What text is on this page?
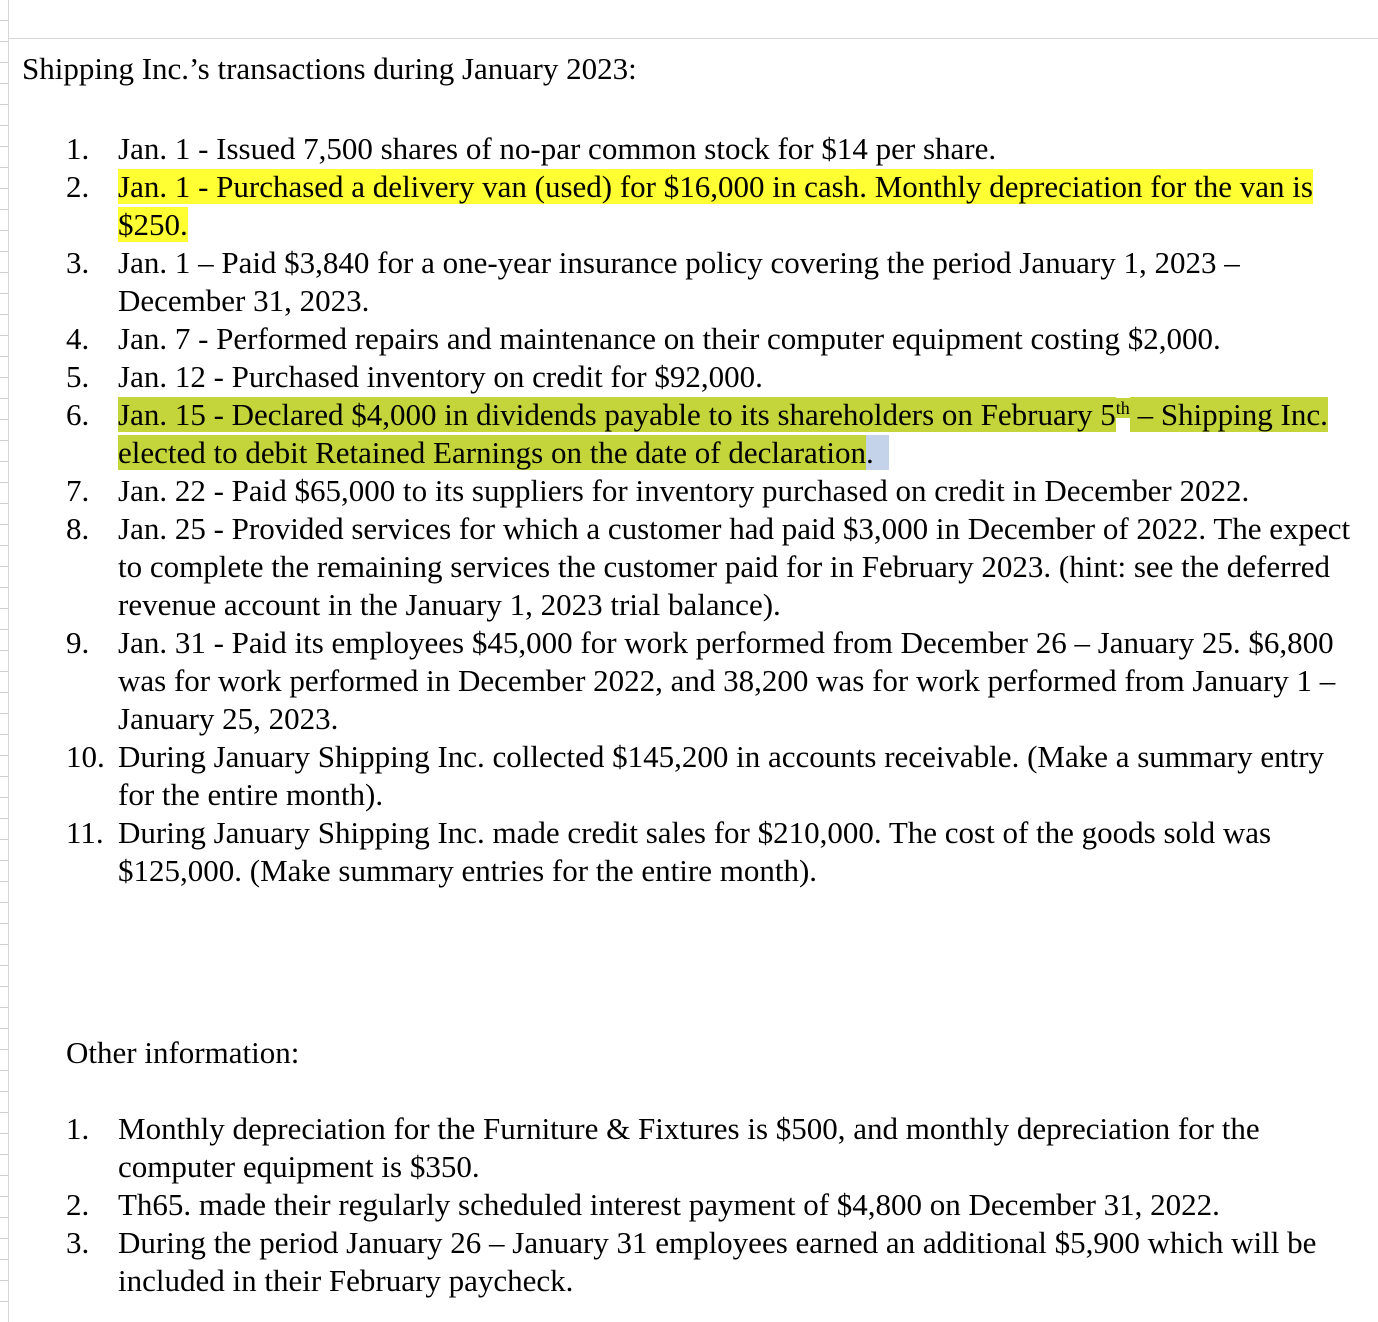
Shipping Inc.’s transactions during January 2023:

1. Jan. 1 - Issued 7,500 shares of no-par common stock for $14 per share.
2. Jan. 1 - Purchased a delivery van (used) for $16,000 in cash. Monthly depreciation for the van is $250.
3. Jan. 1 – Paid $3,840 for a one-year insurance policy covering the period January 1, 2023 – December 31, 2023.
4. Jan. 7 - Performed repairs and maintenance on their computer equipment costing $2,000.
5. Jan. 12 - Purchased inventory on credit for $92,000.
6. Jan. 15 - Declared $4,000 in dividends payable to its shareholders on February 5th – Shipping Inc. elected to debit Retained Earnings on the date of declaration.
7. Jan. 22 - Paid $65,000 to its suppliers for inventory purchased on credit in December 2022.
8. Jan. 25 - Provided services for which a customer had paid $3,000 in December of 2022. The expect to complete the remaining services the customer paid for in February 2023. (hint: see the deferred revenue account in the January 1, 2023 trial balance).
9. Jan. 31 - Paid its employees $45,000 for work performed from December 26 – January 25. $6,800 was for work performed in December 2022, and 38,200 was for work performed from January 1 – January 25, 2023.
10. During January Shipping Inc. collected $145,200 in accounts receivable. (Make a summary entry for the entire month).
11. During January Shipping Inc. made credit sales for $210,000. The cost of the goods sold was $125,000. (Make summary entries for the entire month).

Other information:

1. Monthly depreciation for the Furniture & Fixtures is $500, and monthly depreciation for the computer equipment is $350.
2. Th65. made their regularly scheduled interest payment of $4,800 on December 31, 2022.
3. During the period January 26 – January 31 employees earned an additional $5,900 which will be included in their February paycheck.
